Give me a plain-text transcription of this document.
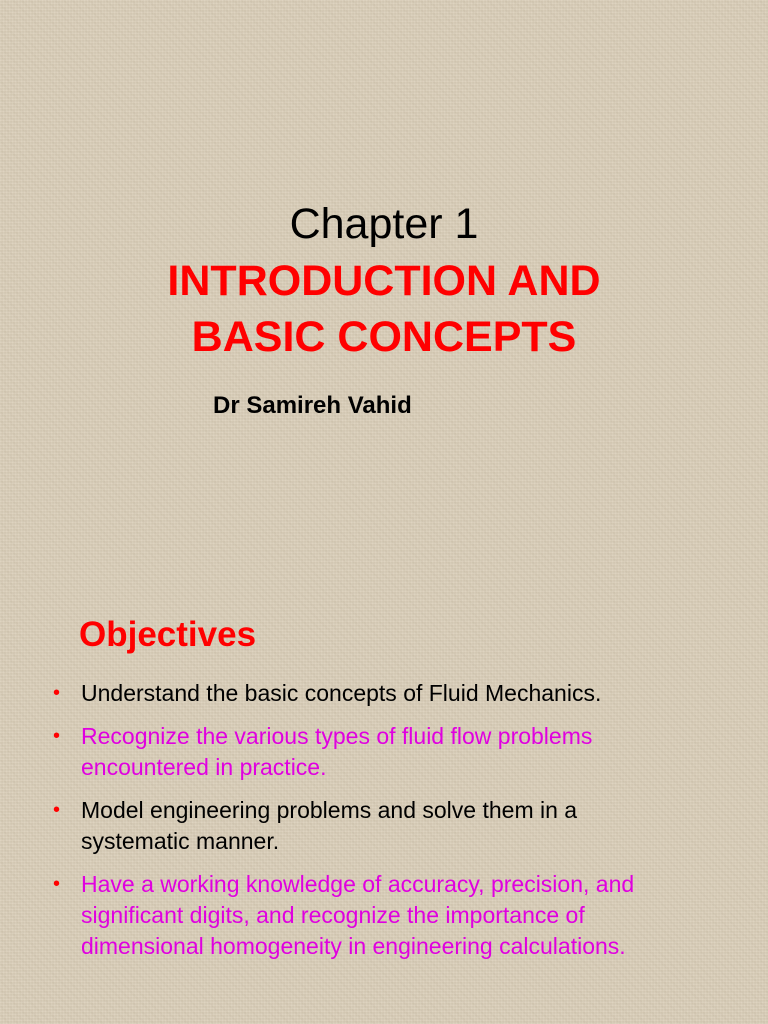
Chapter 1
INTRODUCTION AND
BASIC CONCEPTS
Dr Samireh Vahid
Objectives
• Understand the basic concepts of Fluid Mechanics.
• Recognize the various types of fluid flow problems encountered in practice.
• Model engineering problems and solve them in a systematic manner.
• Have a working knowledge of accuracy, precision, and significant digits, and recognize the importance of dimensional homogeneity in engineering calculations.
